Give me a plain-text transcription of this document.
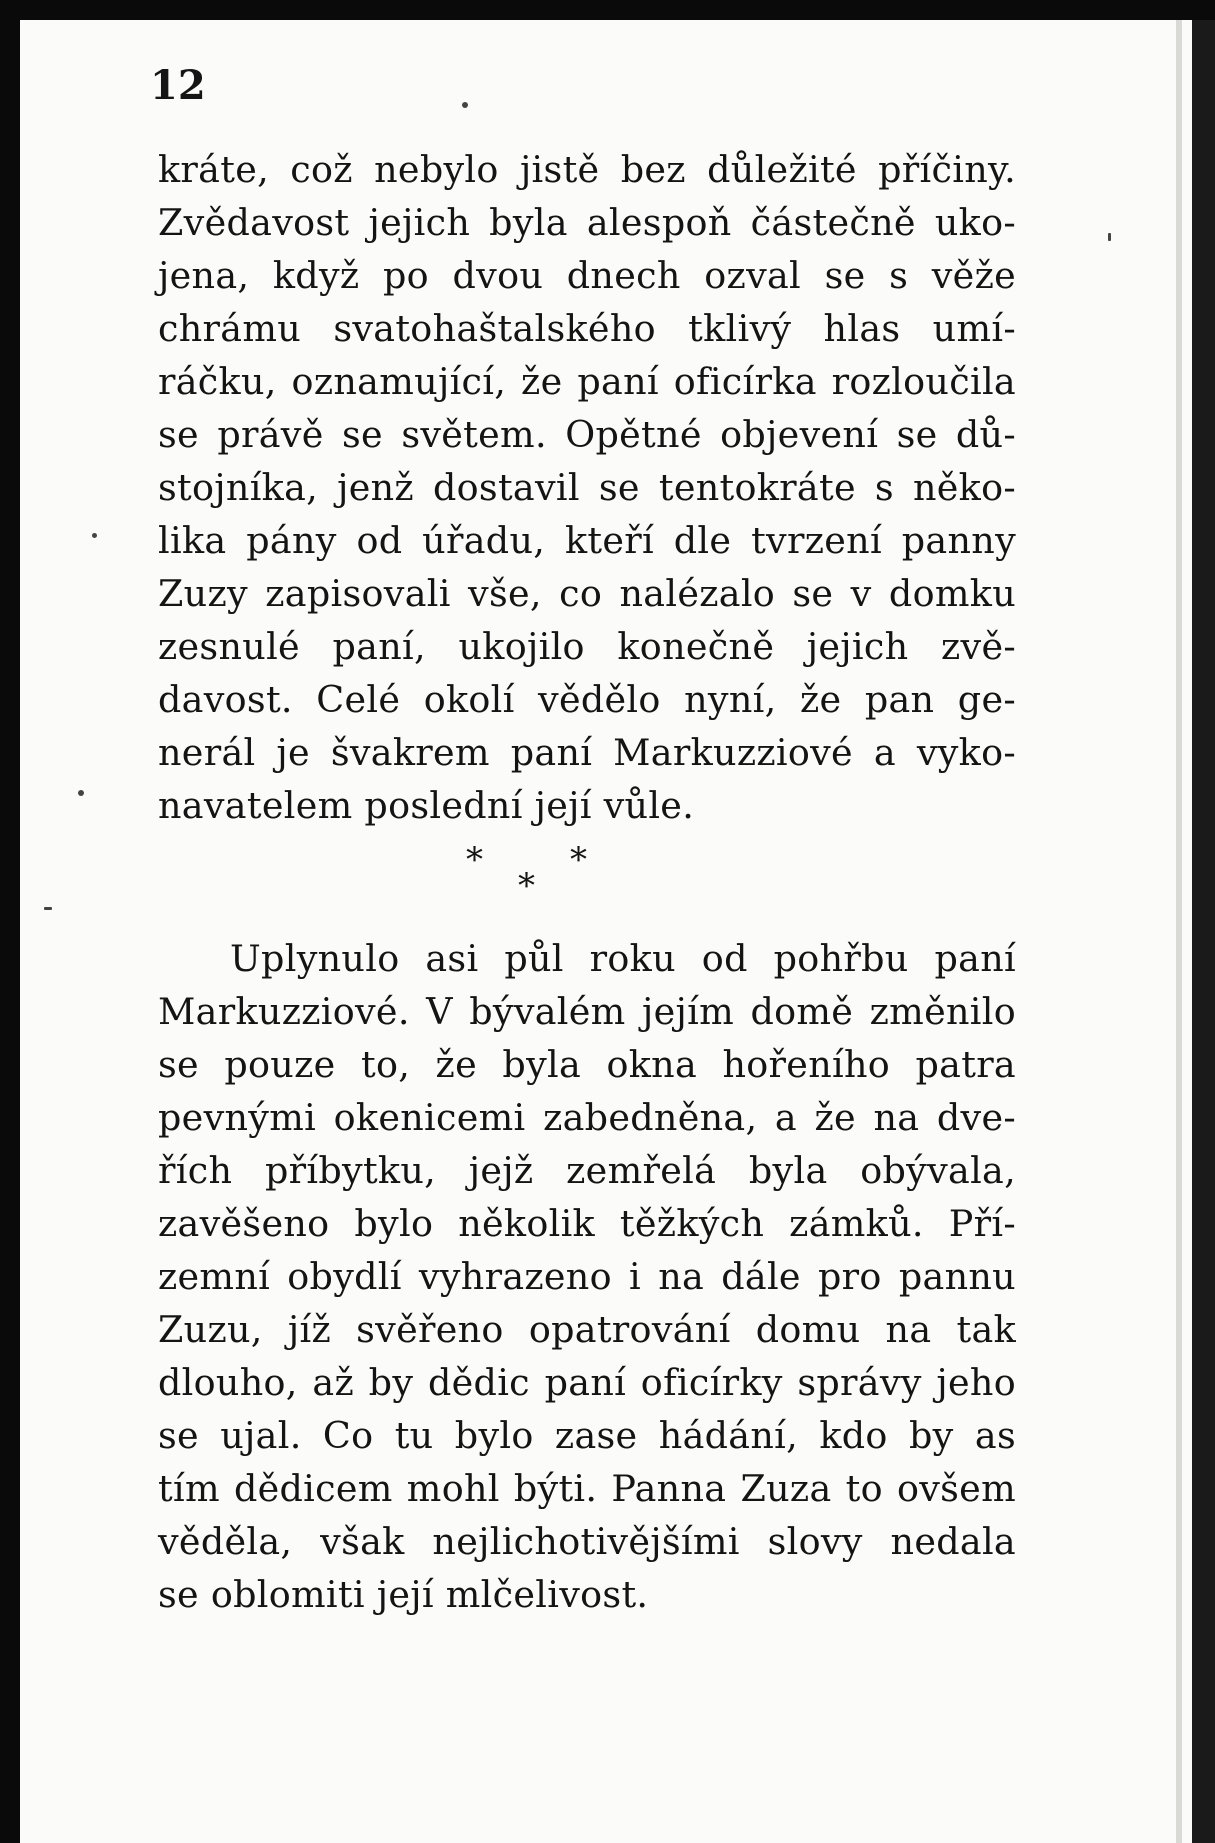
12

kráte, což nebylo jistě bez důležité příčiny.
Zvědavost jejich byla alespoň částečně uko-
jena, když po dvou dnech ozval se s věže
chrámu svatohaštalského tklivý hlas umí-
ráčku, oznamující, že paní oficírka rozloučila
se právě se světem. Opětné objevení se dů-
stojníka, jenž dostavil se tentokráte s něko-
lika pány od úřadu, kteří dle tvrzení panny
Zuzy zapisovali vše, co nalézalo se v domku
zesnulé paní, ukojilo konečně jejich zvě-
davost. Celé okolí vědělo nyní, že pan ge-
nerál je švakrem paní Markuzziové a vyko-
navatelem poslední její vůle.
*	*
*
Uplynulo asi půl roku od pohřbu paní
Markuzziové. V bývalém jejím domě změnilo
se pouze to, že byla okna hořeního patra
pevnými okenicemi zabedněna, a že na dve-
řích příbytku, jejž zemřelá byla obývala,
zavěšeno bylo několik těžkých zámků. Pří-
zemní obydlí vyhrazeno i na dále pro pannu
Zuzu, jíž svěřeno opatrování domu na tak
dlouho, až by dědic paní oficírky správy jeho
se ujal. Co tu bylo zase hádání, kdo by as
tím dědicem mohl býti. Panna Zuza to ovšem
věděla, však nejlichotivějšími slovy nedala
se oblomiti její mlčelivost.
